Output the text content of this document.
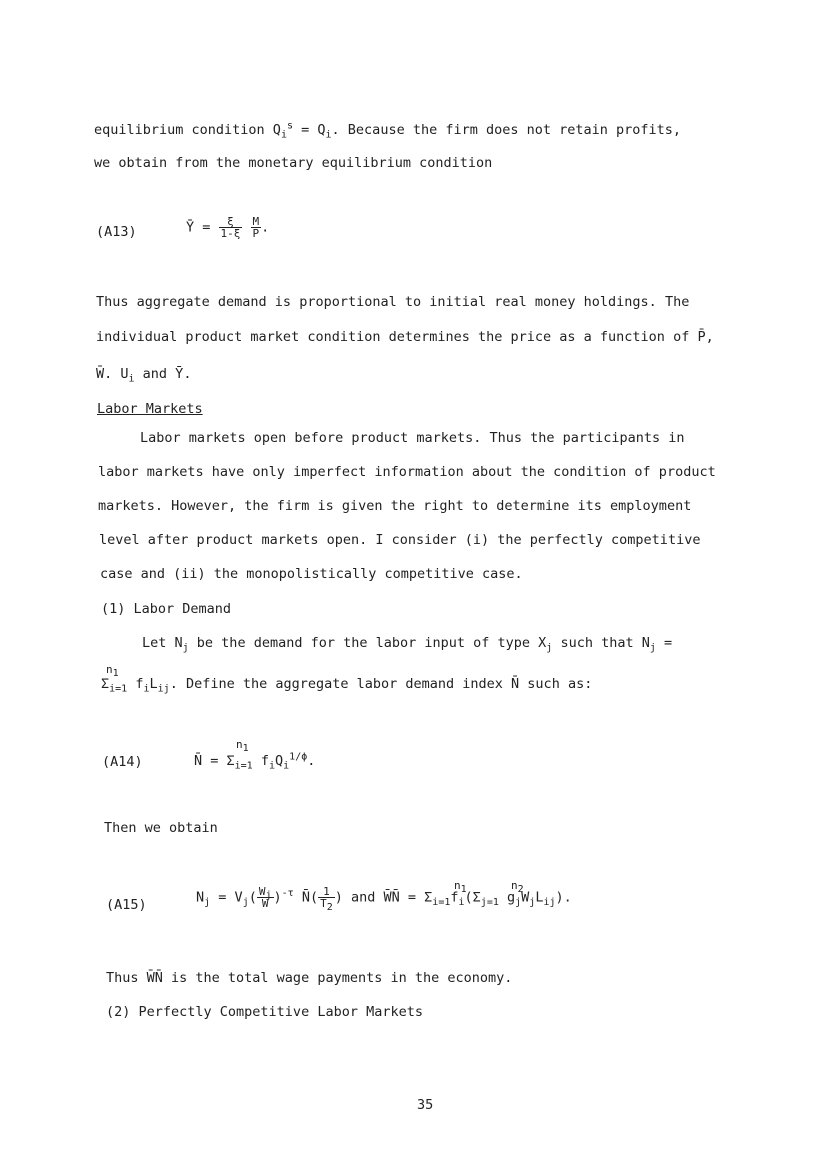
equilibrium condition $Q_i^s = Q_i$. Because the firm does not retain profits,
we obtain from the monetary equilibrium condition
(A13)	Ȳ = $\frac{\xi}{1-\xi}$
$\frac{M}{P̄}$ .
Thus aggregate demand is proportional to initial real money holdings. The
individual product market condition determines the price as a function of P̄,
W̄. $U_i$ and Ȳ.
Labor Markets
Labor markets open before product markets. Thus the participants in
labor markets have only imperfect information about the condition of product
markets. However, the firm is given the right to determine its employment
level after product markets open. I consider (i) the perfectly competitive
case and (ii) the monopolistically competitive case.
(1) Labor Demand
Let $N_j$ be the demand for the labor input of type $X_j$ such that $N_j$ =
$n_1$
$\Sigma_{i=1}$ $f_iL_{ij}$. Define the aggregate labor demand index N̄ such as:
(A14)
$n_1$
N̄ = $\Sigma_{i=1}$ $f_iQ_i^{1/\phi}$.
Then we obtain
(A15)
$n_1$	$n_2$
$N_j = V_j( \frac{W_j}{W̄} )^{-\tau}$ N̄( $\frac{1}{T_2}$ ) and W̄N̄ = $\Sigma_{i=1}f_i(\Sigma_{j=1}$ $g_jW_jL_{ij}$).
Thus W̄N̄ is the total wage payments in the economy.
(2) Perfectly Competitive Labor Markets
35
